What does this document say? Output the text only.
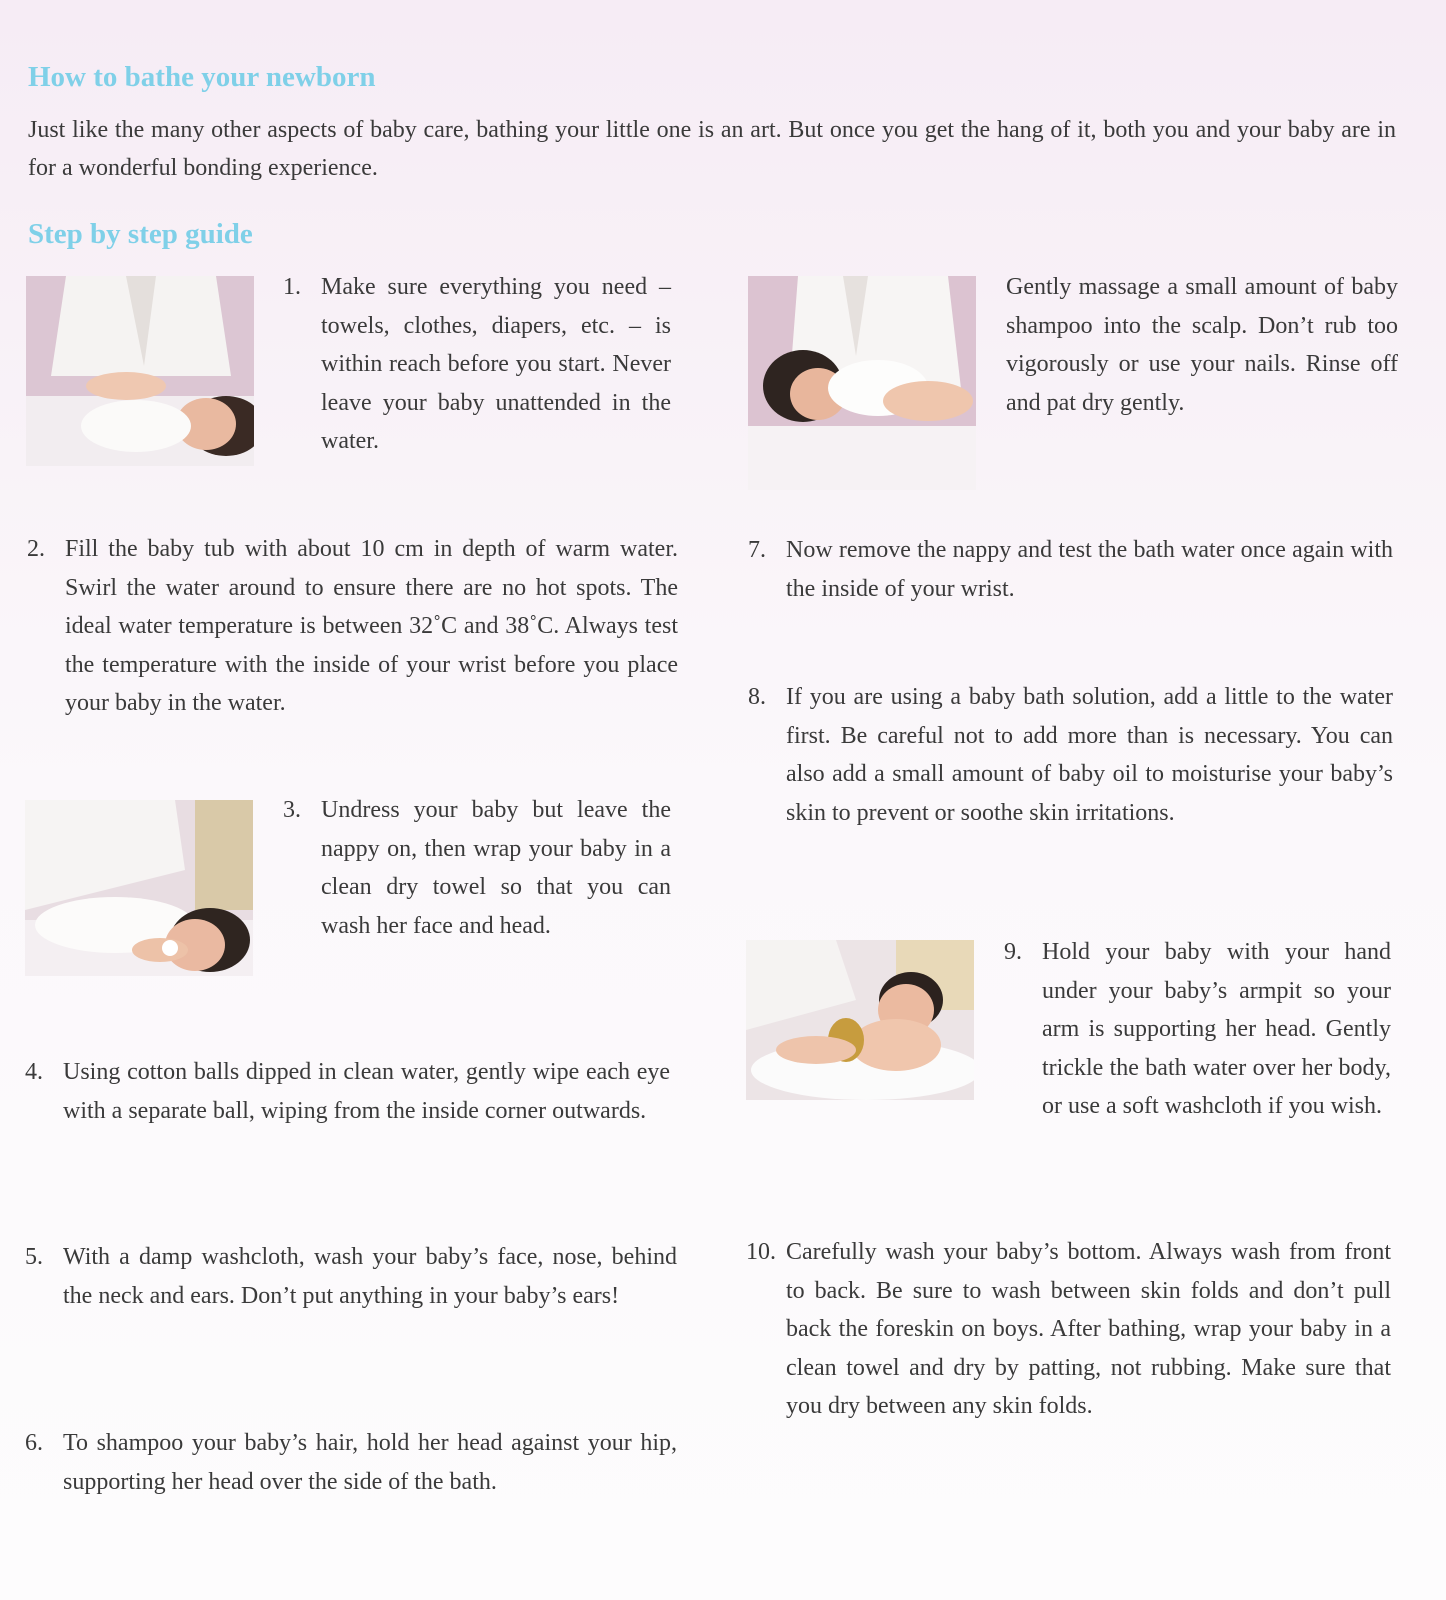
How to bathe your newborn

Just like the many other aspects of baby care, bathing your little one is an art. But once you get the hang of it, both you and your baby are in for a wonderful bonding experience.

Step by step guide
1. Make sure everything you need – towels, clothes, diapers, etc. – is within reach before you start. Never leave your baby unattended in the water.
2. Fill the baby tub with about 10 cm in depth of warm water. Swirl the water around to ensure there are no hot spots. The ideal water temperature is between 32˚C and 38˚C. Always test the temperature with the inside of your wrist before you place your baby in the water.
3. Undress your baby but leave the nappy on, then wrap your baby in a clean dry towel so that you can wash her face and head.
4. Using cotton balls dipped in clean water, gently wipe each eye with a separate ball, wiping from the inside corner outwards.
5. With a damp washcloth, wash your baby’s face, nose, behind the neck and ears. Don’t put anything in your baby’s ears!
6. To shampoo your baby’s hair, hold her head against your hip, supporting her head over the side of the bath.
Gently massage a small amount of baby shampoo into the scalp. Don’t rub too vigorously or use your nails. Rinse off and pat dry gently.
7. Now remove the nappy and test the bath water once again with the inside of your wrist.
8. If you are using a baby bath solution, add a little to the water first. Be careful not to add more than is necessary. You can also add a small amount of baby oil to moisturise your baby’s skin to prevent or soothe skin irritations.
9. Hold your baby with your hand under your baby’s armpit so your arm is supporting her head. Gently trickle the bath water over her body, or use a soft washcloth if you wish.
10. Carefully wash your baby’s bottom. Always wash from front to back. Be sure to wash between skin folds and don’t pull back the foreskin on boys. After bathing, wrap your baby in a clean towel and dry by patting, not rubbing. Make sure that you dry between any skin folds.
